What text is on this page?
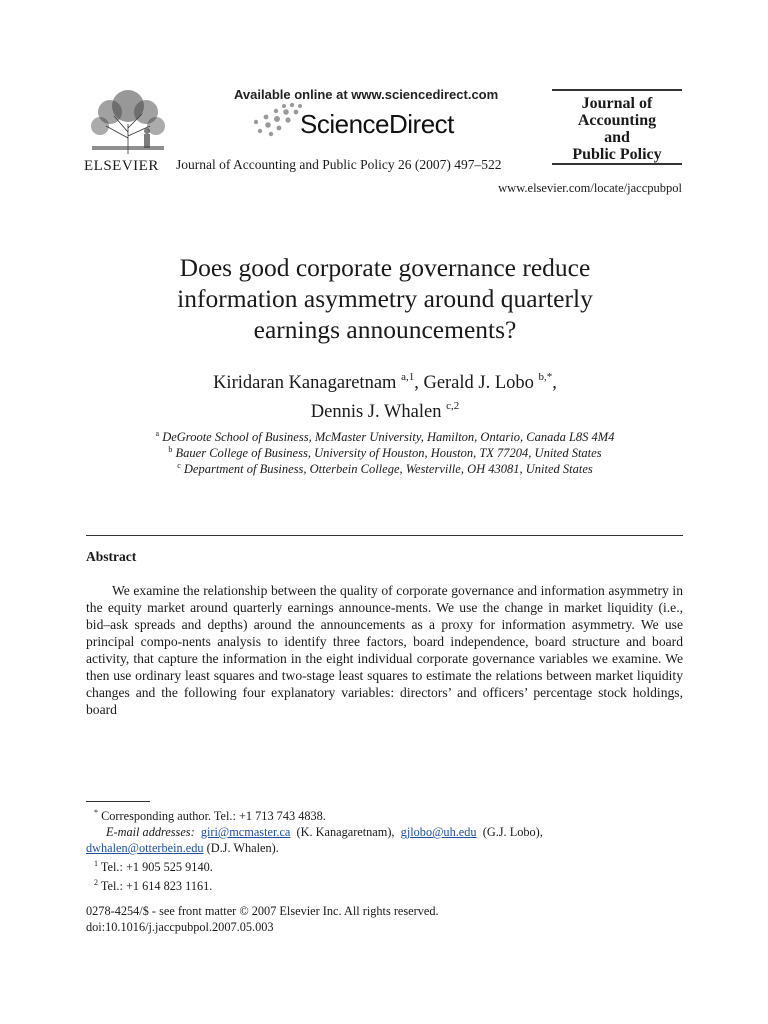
ELSEVIER
Available online at www.sciencedirect.com
ScienceDirect
Journal of Accounting and Public Policy 26 (2007) 497–522
Journal of
Accounting
and
Public Policy
www.elsevier.com/locate/jaccpubpol
Does good corporate governance reduce
information asymmetry around quarterly
earnings announcements?
Kiridaran Kanagaretnam $^{a,1}$, Gerald J. Lobo $^{b,*}$,
Dennis J. Whalen $^{c,2}$
$^a$ DeGroote School of Business, McMaster University, Hamilton, Ontario, Canada L8S 4M4
$^b$ Bauer College of Business, University of Houston, Houston, TX 77204, United States
$^c$ Department of Business, Otterbein College, Westerville, OH 43081, United States
Abstract

We examine the relationship between the quality of corporate governance and information asymmetry in the equity market around quarterly earnings announce-ments. We use the change in market liquidity (i.e., bid–ask spreads and depths) around the announcements as a proxy for information asymmetry. We use principal compo-nents analysis to identify three factors, board independence, board structure and board activity, that capture the information in the eight individual corporate governance variables we examine. We then use ordinary least squares and two-stage least squares to estimate the relations between market liquidity changes and the following four explanatory variables: directors’ and officers’ percentage stock holdings, board

* Corresponding author. Tel.: +1 713 743 4838.
E-mail addresses: giri@mcmaster.ca (K. Kanagaretnam), gjlobo@uh.edu (G.J. Lobo),
dwhalen@otterbein.edu (D.J. Whalen).
$^1$ Tel.: +1 905 525 9140.
$^2$ Tel.: +1 614 823 1161.
0278-4254/$ - see front matter © 2007 Elsevier Inc. All rights reserved.
doi:10.1016/j.jaccpubpol.2007.05.003
